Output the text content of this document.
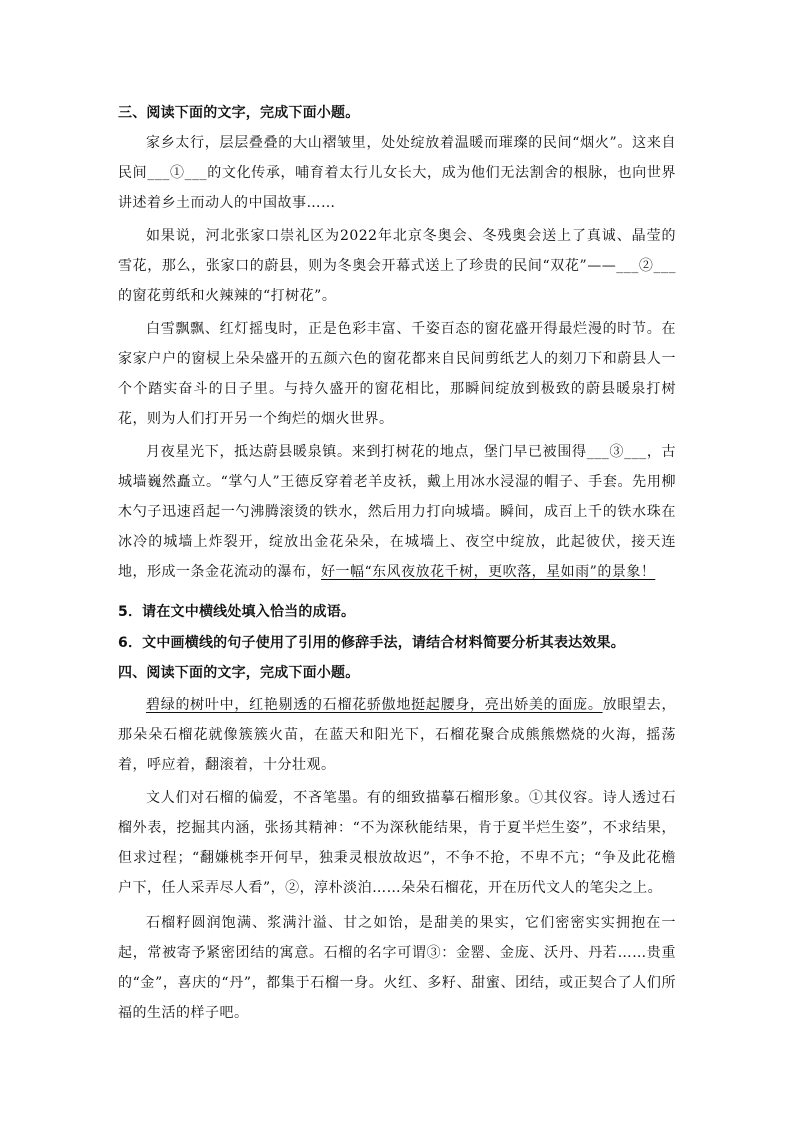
三、阅读下面的文字，完成下面小题。
家乡太行，层层叠叠的大山褶皱里，处处绽放着温暖而璀璨的民间“烟火”。这来自民间___①___的文化传承，哺育着太行儿女长大，成为他们无法割舍的根脉，也向世界讲述着乡土而动人的中国故事……
如果说，河北张家口崇礼区为2022年北京冬奥会、冬残奥会送上了真诚、晶莹的雪花，那么，张家口的蔚县，则为冬奥会开幕式送上了珍贵的民间“双花”——___②___的窗花剪纸和火辣辣的“打树花”。
白雪飘飘、红灯摇曳时，正是色彩丰富、千姿百态的窗花盛开得最烂漫的时节。在家家户户的窗棂上朵朵盛开的五颜六色的窗花都来自民间剪纸艺人的刻刀下和蔚县人一个个踏实奋斗的日子里。与持久盛开的窗花相比，那瞬间绽放到极致的蔚县暖泉打树花，则为人们打开另一个绚烂的烟火世界。
月夜星光下，抵达蔚县暖泉镇。来到打树花的地点，堡门早已被围得___③___，古城墙巍然矗立。“掌勺人”王德反穿着老羊皮袄，戴上用冰水浸湿的帽子、手套。先用柳木勺子迅速舀起一勺沸腾滚烫的铁水，然后用力打向城墙。瞬间，成百上千的铁水珠在冰冷的城墙上炸裂开，绽放出金花朵朵，在城墙上、夜空中绽放，此起彼伏，接天连地，形成一条金花流动的瀑布，好一幅“东风夜放花千树，更吹落，星如雨”的景象！
5．请在文中横线处填入恰当的成语。
6．文中画横线的句子使用了引用的修辞手法，请结合材料简要分析其表达效果。
四、阅读下面的文字，完成下面小题。
碧绿的树叶中，红艳剔透的石榴花骄傲地挺起腰身，亮出娇美的面庞。放眼望去，那朵朵石榴花就像簇簇火苗，在蓝天和阳光下，石榴花聚合成熊熊燃烧的火海，摇荡着，呼应着，翻滚着，十分壮观。
文人们对石榴的偏爱，不吝笔墨。有的细致描摹石榴形象。①其仪容。诗人透过石榴外表，挖掘其内涵，张扬其精神：“不为深秋能结果，肯于夏半烂生姿”，不求结果，但求过程；“翻嫌桃李开何早，独秉灵根放故迟”，不争不抢，不卑不亢；“争及此花檐户下，任人采弄尽人看”，②，淳朴淡泊……朵朵石榴花，开在历代文人的笔尖之上。
石榴籽圆润饱满、浆满汁溢、甘之如饴，是甜美的果实，它们密密实实拥抱在一起，常被寄予紧密团结的寓意。石榴的名字可谓③：金罂、金庞、沃丹、丹若……贵重的“金”，喜庆的“丹”，都集于石榴一身。火红、多籽、甜蜜、团结，或正契合了人们所福的生活的样子吧。
